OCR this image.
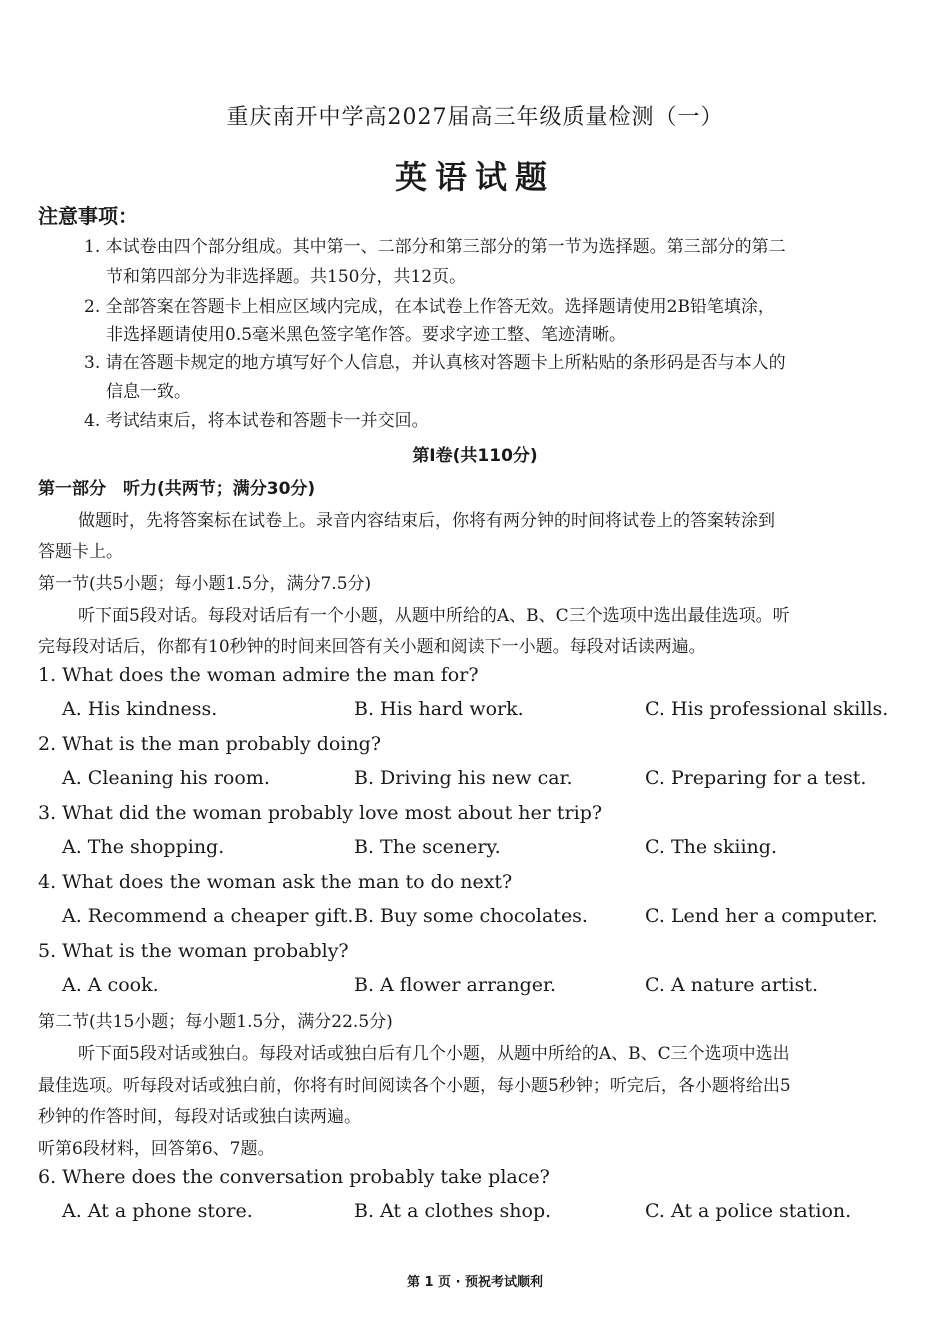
重庆南开中学高2027届高三年级质量检测（一）
英语试题
注意事项：
1. 本试卷由四个部分组成。其中第一、二部分和第三部分的第一节为选择题。第三部分的第二
节和第四部分为非选择题。共150分，共12页。
2. 全部答案在答题卡上相应区域内完成，在本试卷上作答无效。选择题请使用2B铅笔填涂，
非选择题请使用0.5毫米黑色签字笔作答。要求字迹工整、笔迹清晰。
3. 请在答题卡规定的地方填写好个人信息，并认真核对答题卡上所粘贴的条形码是否与本人的
信息一致。
4. 考试结束后，将本试卷和答题卡一并交回。
第Ⅰ卷(共110分)
第一部分　听力(共两节；满分30分)
做题时，先将答案标在试卷上。录音内容结束后，你将有两分钟的时间将试卷上的答案转涂到
答题卡上。
第一节(共5小题；每小题1.5分，满分7.5分)
听下面5段对话。每段对话后有一个小题，从题中所给的A、B、C三个选项中选出最佳选项。听
完每段对话后，你都有10秒钟的时间来回答有关小题和阅读下一小题。每段对话读两遍。
1. What does the woman admire the man for?
A. His kindness.	B. His hard work.	C. His professional skills.
2. What is the man probably doing?
A. Cleaning his room.	B. Driving his new car.	C. Preparing for a test.
3. What did the woman probably love most about her trip?
A. The shopping.	B. The scenery.	C. The skiing.
4. What does the woman ask the man to do next?
A. Recommend a cheaper gift. B. Buy some chocolates.	C. Lend her a computer.
5. What is the woman probably?
A. A cook.	B. A flower arranger.	C. A nature artist.
第二节(共15小题；每小题1.5分，满分22.5分)
听下面5段对话或独白。每段对话或独白后有几个小题，从题中所给的A、B、C三个选项中选出
最佳选项。听每段对话或独白前，你将有时间阅读各个小题，每小题5秒钟；听完后，各小题将给出5
秒钟的作答时间，每段对话或独白读两遍。
听第6段材料，回答第6、7题。
6. Where does the conversation probably take place?
A. At a phone store.	B. At a clothes shop.	C. At a police station.
第 1 页 · 预祝考试顺利
